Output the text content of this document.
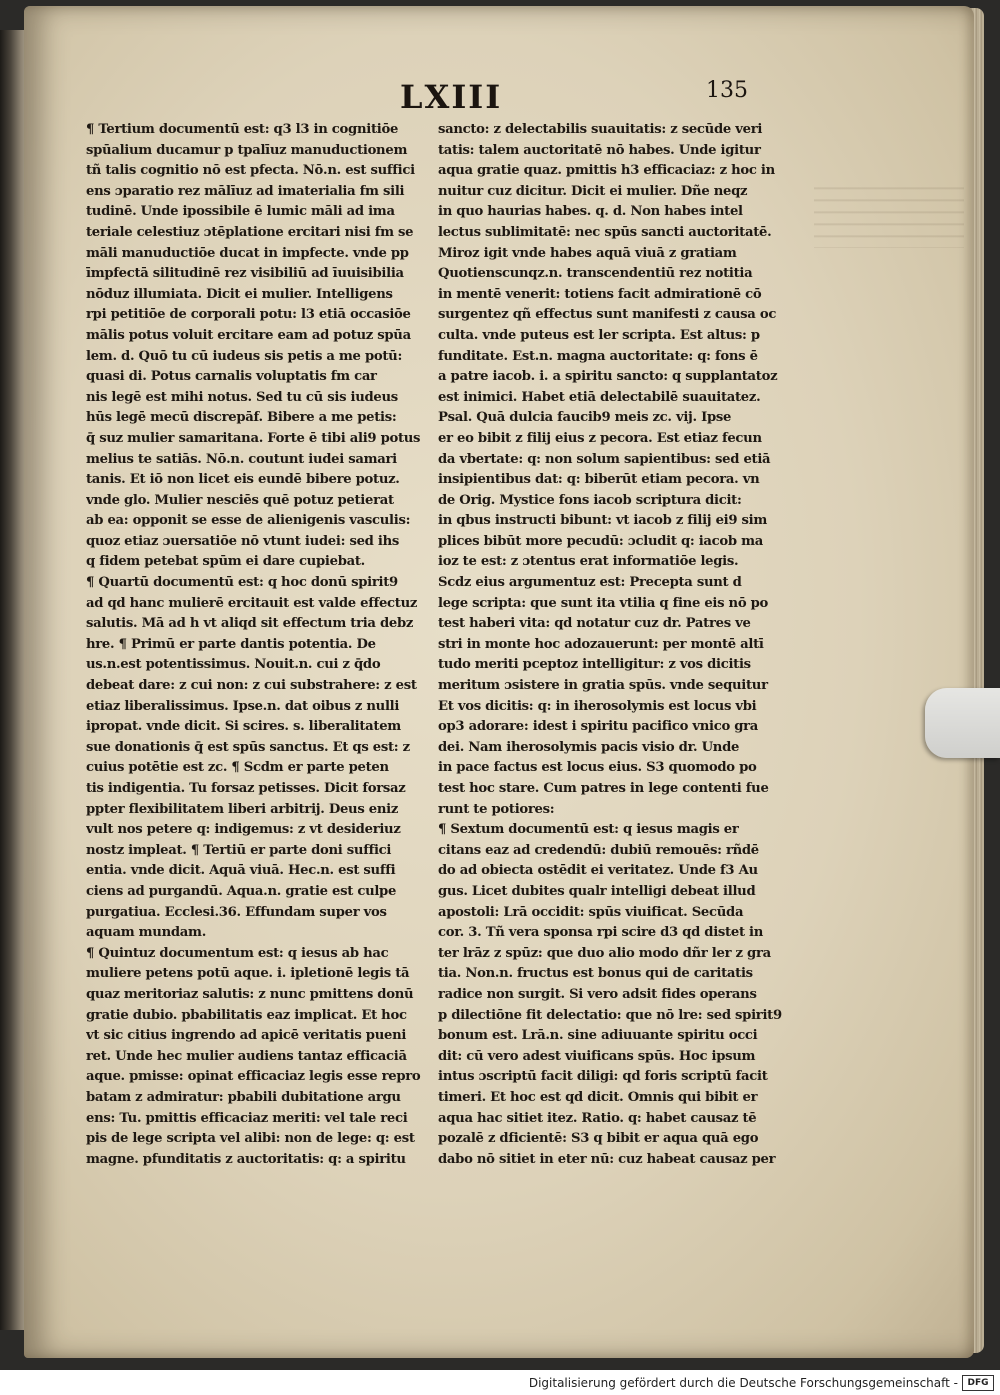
LXIII	135
¶ Tertium documentū est: q3 l3 in cognitiōe
spūalium ducamur p tpalīuz manuductionem
tñ talis cognitio nō est pfecta. Nō.n. est suffici
ens ɔparatio rez mālīuz ad imaterialia fm sili
tudinē. Unde ipossibile ē lumic māli ad ima
teriale celestiuz ɔtēplatione ercitari nisi fm se
māli manuductiōe ducat in impfecte. vnde pp
īmpfectā silitudinē rez visibiliū ad īuuisibilia
nōduz illumiata. Dicit ei mulier. Intelligens
rpi petitiōe de corporali potu: l3 etiā occasiōe
mālis potus voluit ercitare eam ad potuz spūa
lem. d. Quō tu cū iudeus sis petis a me potū:
quasi di. Potus carnalis voluptatis fm car
nis legē est mihi notus. Sed tu cū sis iudeus
hūs legē mecū discrepāf. Bibere a me petis:
q̄ suz mulier samaritana. Forte ē tibi ali9 potus
melius te satiās. Nō.n. coutunt iudei samari
tanis. Et iō non licet eis eundē bibere potuz.
vnde glo. Mulier nesciēs quē potuz petierat
ab ea: opponit se esse de alienigenis vasculis:
quoz etiaz ɔuersatiōe nō vtunt iudei: sed ihs
q fidem petebat spūm ei dare cupiebat.
¶ Quartū documentū est: q hoc donū spirit9
ad qd hanc mulierē ercitauit est valde effectuz
salutis. Mā ad h vt aliqd sit effectum tria debz
hre. ¶ Primū er parte dantis potentia. De
us.n.est potentissimus. Nouit.n. cui z q̄do
debeat dare: z cui non: z cui substrahere: z est
etiaz liberalissimus. Ipse.n. dat oibus z nulli
ipropat. vnde dicit. Si scires. s. liberalitatem
sue donationis q̄ est spūs sanctus. Et qs est: z
cuius potētie est zc. ¶ Scdm er parte peten
tis indigentia. Tu forsaz petisses. Dicit forsaz
ppter flexibilitatem liberi arbitrij. Deus eniz
vult nos petere q: indigemus: z vt desideriuz
nostz impleat. ¶ Tertiū er parte doni suffici
entia. vnde dicit. Aquā viuā. Hec.n. est suffi
ciens ad purgandū. Aqua.n. gratie est culpe
purgatiua. Ecclesi.36. Effundam super vos
aquam mundam.
¶ Quintuz documentum est: q iesus ab hac
muliere petens potū aque. i. ipletionē legis tā
quaz meritoriaz salutis: z nunc pmittens donū
gratie dubio. pbabilitatis eaz implicat. Et hoc
vt sic citius ingrendo ad apicē veritatis pueni
ret. Unde hec mulier audiens tantaz efficaciā
aque. pmisse: opinat efficaciaz legis esse repro
batam z admiratur: pbabili dubitatione argu
ens: Tu. pmittis efficaciaz meriti: vel tale reci
pis de lege scripta vel alibi: non de lege: q: est
magne. pfunditatis z auctoritatis: q: a spiritu
sancto: z delectabilis suauitatis: z secūde veri
tatis: talem auctoritatē nō habes. Unde igitur
aqua gratie quaz. pmittis h3 efficaciaz: z hoc in
nuitur cuz dicitur. Dicit ei mulier. Dñe neqz
in quo haurias habes. q. d. Non habes intel
lectus sublimitatē: nec spūs sancti auctoritatē.
Miroz igit vnde habes aquā viuā z gratiam
Quotienscunqz.n. transcendentiū rez notitia
in mentē venerit: totiens facit admirationē cō
surgentez qñ effectus sunt manifesti z causa oc
culta. vnde puteus est ler scripta. Est altus: p
funditate. Est.n. magna auctoritate: q: fons ē
a patre iacob. i. a spiritu sancto: q supplantatoz
est inimici. Habet etiā delectabilē suauitatez.
Psal. Quā dulcia faucib9 meis zc. vij. Ipse
er eo bibit z filij eius z pecora. Est etiaz fecun
da vbertate: q: non solum sapientibus: sed etiā
insipientibus dat: q: biberūt etiam pecora. vn
de Orig. Mystice fons iacob scriptura dicit:
in qbus instructi bibunt: vt iacob z filij ei9 sim
plices bibūt more pecudū: ɔcludit q: iacob ma
ioz te est: z ɔtentus erat informatiōe legis.
Scdz eius argumentuz est: Precepta sunt d
lege scripta: que sunt ita vtilia q fine eis nō po
test haberi vita: qd notatur cuz dr. Patres ve
stri in monte hoc adozauerunt: per montē altī
tudo meriti pceptoz intelligitur: z vos dicitis
meritum ɔsistere in gratia spūs. vnde sequitur
Et vos dicitis: q: in iherosolymis est locus vbi
op3 adorare: idest i spiritu pacifico vnico gra
dei. Nam iherosolymis pacis visio dr. Unde
in pace factus est locus eius. S3 quomodo po
test hoc stare. Cum patres in lege contenti fue
runt te potiores:
¶ Sextum documentū est: q iesus magis er
citans eaz ad credendū: dubiū remouēs: rñdē
do ad obiecta ostēdit ei veritatez. Unde f3 Au
gus. Licet dubites qualr intelligi debeat illud
apostoli: Lrā occidit: spūs viuificat. Secūda
cor. 3. Tñ vera sponsa rpi scire d3 qd distet in
ter lrāz z spūz: que duo alio modo dñr ler z gra
tia. Non.n. fructus est bonus qui de caritatis
radice non surgit. Si vero adsit fides operans
p dilectiōne fit delectatio: que nō lre: sed spirit9
bonum est. Lrā.n. sine adiuuante spiritu occi
dit: cū vero adest viuificans spūs. Hoc ipsum
intus ɔscriptū facit diligi: qd foris scriptū facit
timeri. Et hoc est qd dicit. Omnis qui bibit er
aqua hac sitiet itez. Ratio. q: habet causaz tē
pozalē z dficientē: S3 q bibit er aqua quā ego
dabo nō sitiet in eter nū: cuz habeat causaz per
Digitalisierung gefördert durch die Deutsche Forschungsgemeinschaft -	DFG
